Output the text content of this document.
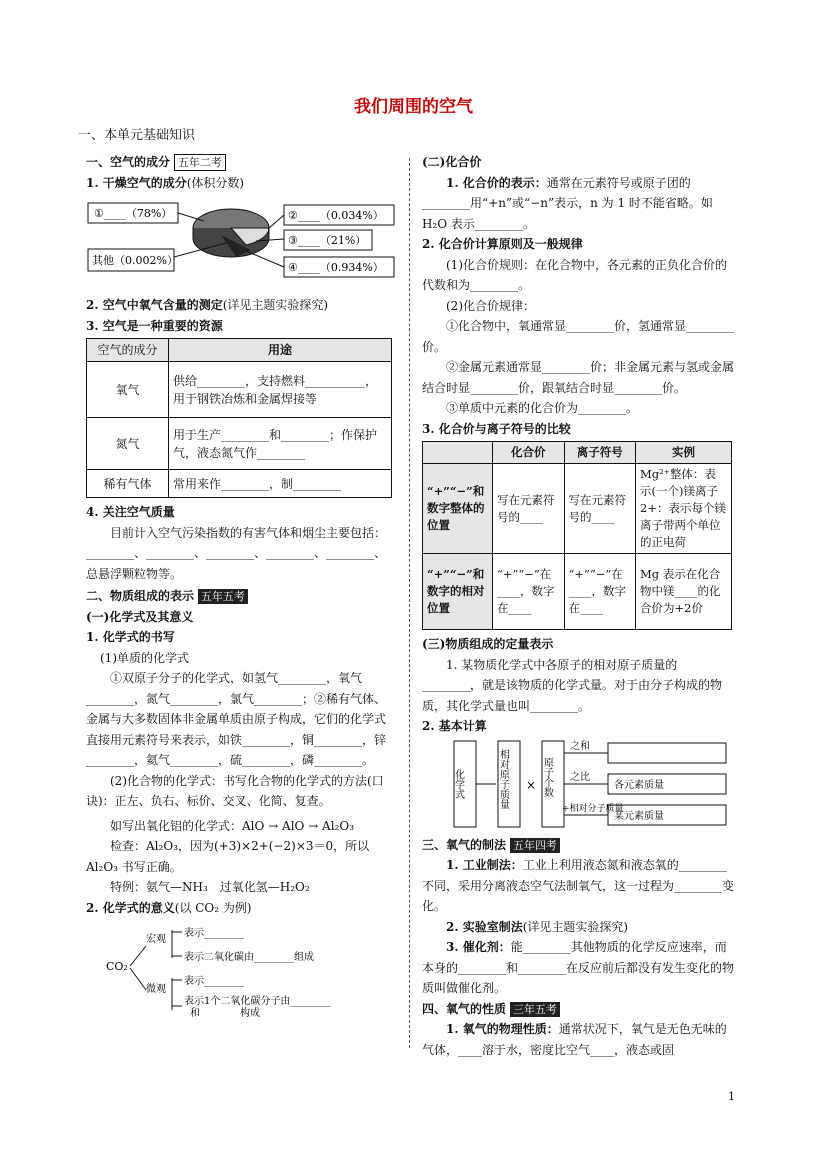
我们周围的空气
一、本单元基础知识
一、空气的成分 五年二考
1. 干燥空气的成分(体积分数)
①____（78%）
其他（0.002%）
②____（0.034%）
③____（21%）
④____（0.934%）
2. 空气中氧气含量的测定(详见主题实验探究)
3. 空气是一种重要的资源
空气的成分	用途
氧气	供给________，支持燃料__________，用于钢铁冶炼和金属焊接等
氮气	用于生产________和________；作保护气，液态氮气作________
稀有气体	常用来作________，制________
4. 关注空气质量
目前计入空气污染指数的有害气体和烟尘主要包括：________、________、________、________、________、总悬浮颗粒物等。
二、物质组成的表示 五年五考
(一)化学式及其意义
1. 化学式的书写
(1)单质的化学式
①双原子分子的化学式，如氢气________，氧气________，氮气________，氯气________；②稀有气体、金属与大多数固体非金属单质由原子构成，它们的化学式直接用元素符号来表示，如铁________，铜________，锌________，氦气________，硫________，磷________。
(2)化合物的化学式：书写化合物的化学式的方法(口诀)：正左、负右、标价、交叉、化简、复查。
如写出氧化铝的化学式：AlO → AlO → Al₂O₃
检查：Al₂O₃，因为(+3)×2+(−2)×3＝0，所以 Al₂O₃ 书写正确。
特例：氨气—NH₃　过氧化氢—H₂O₂
2. 化学式的意义(以 CO₂ 为例)
CO₂
宏观
微观
表示________
表示二氧化碳由________组成
表示________
表示1个二氧化碳分子由________
和________构成
(二)化合价
1. 化合价的表示：通常在元素符号或原子团的________用“+n”或“−n”表示，n 为 1 时不能省略。如 H₂O 表示________。
2. 化合价计算原则及一般规律
(1)化合价规则：在化合物中，各元素的正负化合价的代数和为________。
(2)化合价规律：
①化合物中，氧通常显________价，氢通常显________价。
②金属元素通常显________价；非金属元素与氢或金属结合时显________价，跟氧结合时显________价。
③单质中元素的化合价为________。
3. 化合价与离子符号的比较
	化合价	离子符号	实例
“+”“−”和数字整体的位置	写在元素符号的____	写在元素符号的____	Mg²⁺整体：表示(一个)镁离子 2+：表示每个镁离子带两个单位的正电荷
“+”“−”和数字的相对位置	“+”“−”在____，数字在____	“+”“−”在____，数字在____	Mg 表示在化合物中镁____的化合价为+2价
(三)物质组成的定量表示
1. 某物质化学式中各原子的相对原子质量的________，就是该物质的化学式量。对于由分子构成的物质，其化学式量也叫________。
2. 基本计算
化学式	相对原子质量 × 原子个数
之和
之比
÷相对分子质量
各元素质量
某元素质量
三、氧气的制法 五年四考
1. 工业制法：工业上利用液态氮和液态氧的________不同，采用分离液态空气法制氧气，这一过程为________变化。
2. 实验室制法(详见主题实验探究)
3. 催化剂：能________其他物质的化学反应速率，而本身的________和________在反应前后都没有发生变化的物质叫做催化剂。
四、氧气的性质 三年五考
1. 氧气的物理性质：通常状况下，氧气是无色无味的气体，____溶于水，密度比空气____，液态或固
1
